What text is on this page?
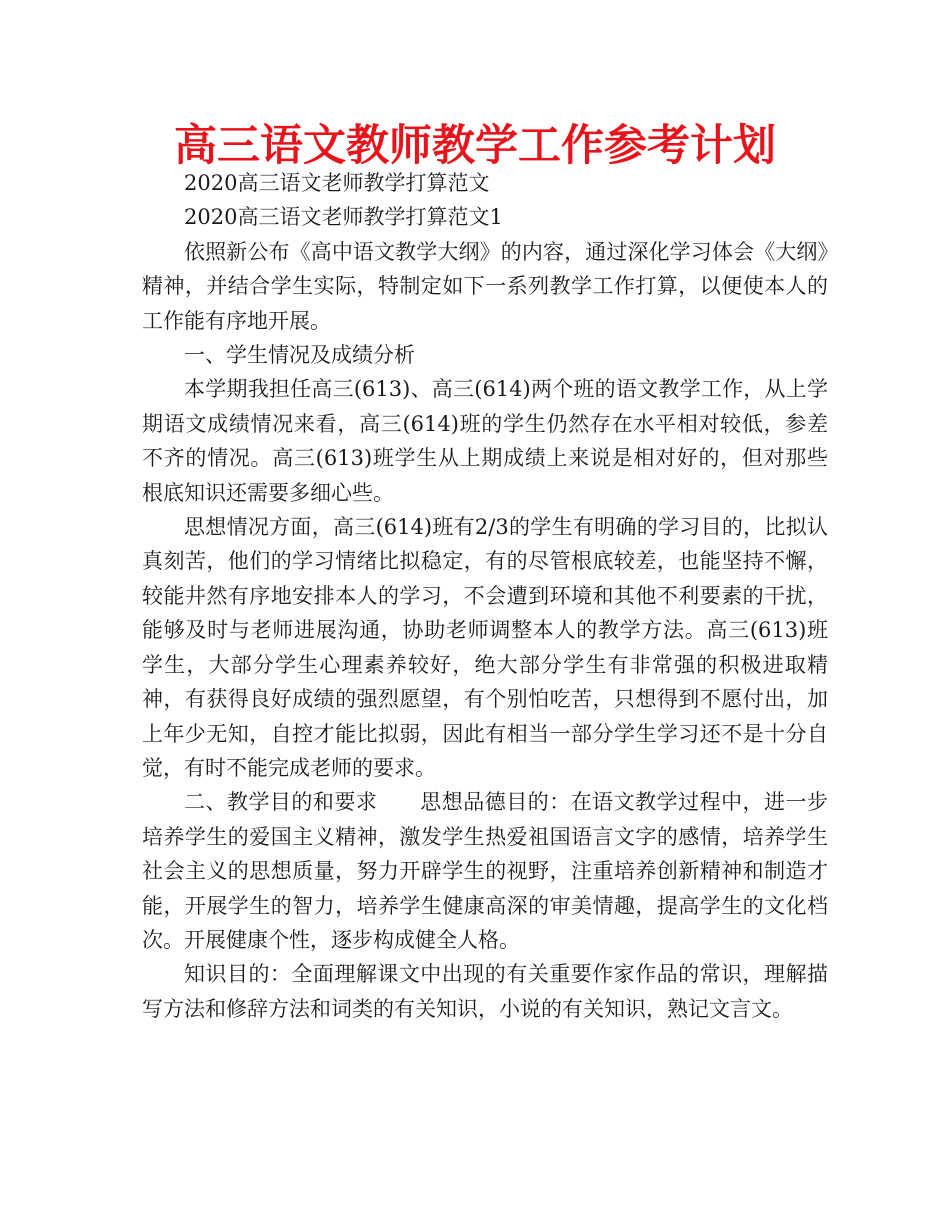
高三语文教师教学工作参考计划

2020高三语文老师教学打算范文

2020高三语文老师教学打算范文1

依照新公布《高中语文教学大纲》的内容，通过深化学习体会《大纲》精神，并结合学生实际，特制定如下一系列教学工作打算，以便使本人的工作能有序地开展。

一、学生情况及成绩分析

本学期我担任高三(613)、高三(614)两个班的语文教学工作，从上学期语文成绩情况来看，高三(614)班的学生仍然存在水平相对较低，参差不齐的情况。高三(613)班学生从上期成绩上来说是相对好的，但对那些根底知识还需要多细心些。

思想情况方面，高三(614)班有2/3的学生有明确的学习目的，比拟认真刻苦，他们的学习情绪比拟稳定，有的尽管根底较差，也能坚持不懈，较能井然有序地安排本人的学习，不会遭到环境和其他不利要素的干扰，能够及时与老师进展沟通，协助老师调整本人的教学方法。高三(613)班学生，大部分学生心理素养较好，绝大部分学生有非常强的积极进取精神，有获得良好成绩的强烈愿望，有个别怕吃苦，只想得到不愿付出，加上年少无知，自控才能比拟弱，因此有相当一部分学生学习还不是十分自觉，有时不能完成老师的要求。

二、教学目的和要求　　思想品德目的：在语文教学过程中，进一步培养学生的爱国主义精神，激发学生热爱祖国语言文字的感情，培养学生社会主义的思想质量，努力开辟学生的视野，注重培养创新精神和制造才能，开展学生的智力，培养学生健康高深的审美情趣，提高学生的文化档次。开展健康个性，逐步构成健全人格。

知识目的：全面理解课文中出现的有关重要作家作品的常识，理解描写方法和修辞方法和词类的有关知识，小说的有关知识，熟记文言文。
